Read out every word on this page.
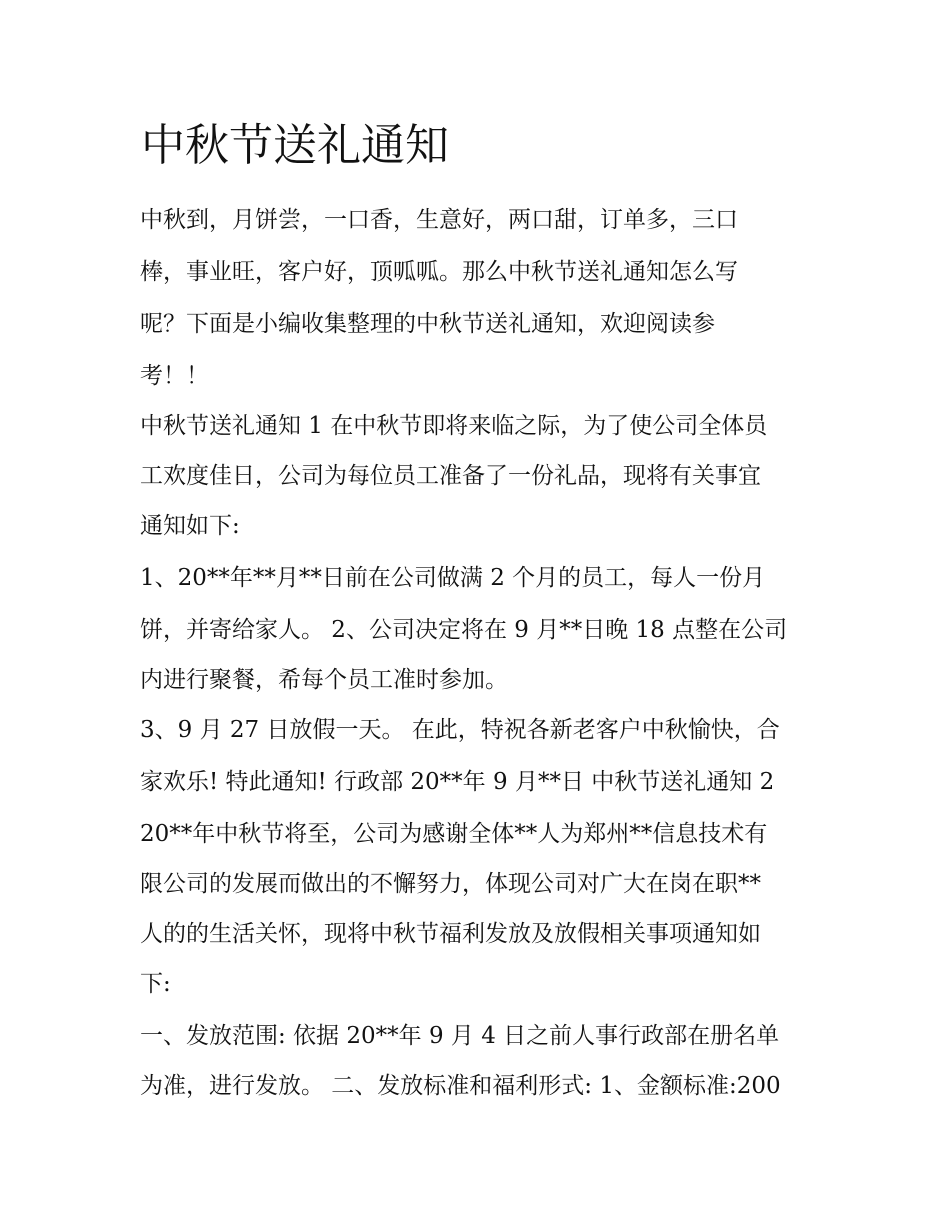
中秋节送礼通知

中秋到，月饼尝，一口香，生意好，两口甜，订单多，三口

棒，事业旺，客户好，顶呱呱。那么中秋节送礼通知怎么写

呢？下面是小编收集整理的中秋节送礼通知，欢迎阅读参

考！！

中秋节送礼通知 1 在中秋节即将来临之际，为了使公司全体员

工欢度佳日，公司为每位员工准备了一份礼品，现将有关事宜

通知如下:

1、20**年**月**日前在公司做满 2 个月的员工，每人一份月

饼，并寄给家人。 2、公司决定将在 9 月**日晚 18 点整在公司

内进行聚餐，希每个员工准时参加。

3、9 月 27 日放假一天。 在此，特祝各新老客户中秋愉快，合

家欢乐! 特此通知! 行政部 20**年 9 月**日 中秋节送礼通知 2

20**年中秋节将至，公司为感谢全体**人为郑州**信息技术有

限公司的发展而做出的不懈努力，体现公司对广大在岗在职**

人的的生活关怀，现将中秋节福利发放及放假相关事项通知如

下:

一、发放范围: 依据 20**年 9 月 4 日之前人事行政部在册名单

为准，进行发放。 二、发放标准和福利形式: 1、金额标准:200
